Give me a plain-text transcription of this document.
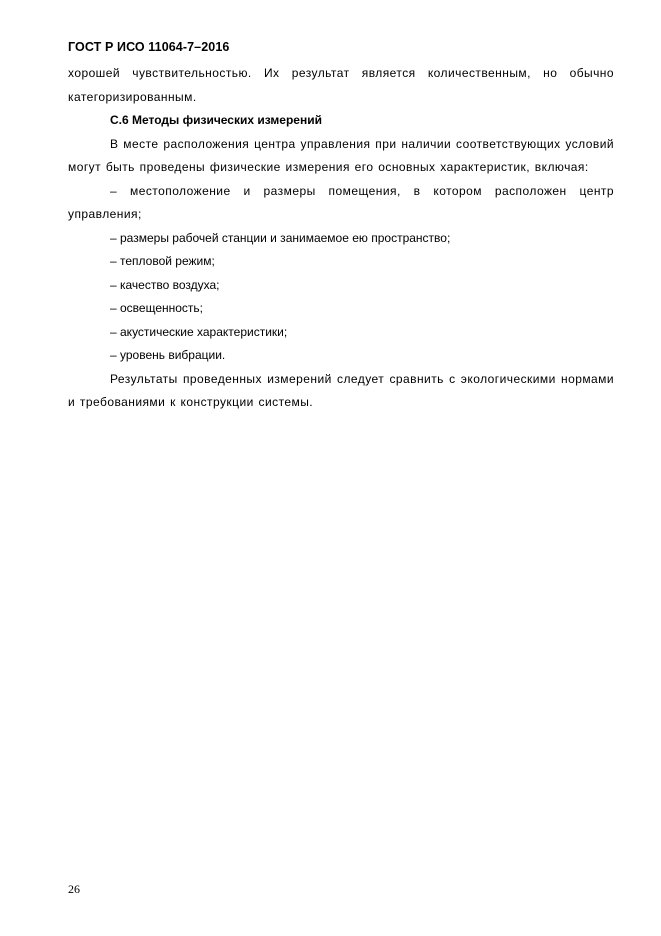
ГОСТ Р ИСО 11064-7–2016

хорошей чувствительностью. Их результат является количественным, но обычно категоризированным.

С.6 Методы физических измерений

В месте расположения центра управления при наличии соответствующих условий могут быть проведены физические измерения его основных характеристик, включая:

– местоположение и размеры помещения, в котором расположен центр управления;

– размеры рабочей станции и занимаемое ею пространство;

– тепловой режим;

– качество воздуха;

– освещенность;

– акустические характеристики;

– уровень вибрации.

Результаты проведенных измерений следует сравнить с экологическими нормами и требованиями к конструкции системы.

26
